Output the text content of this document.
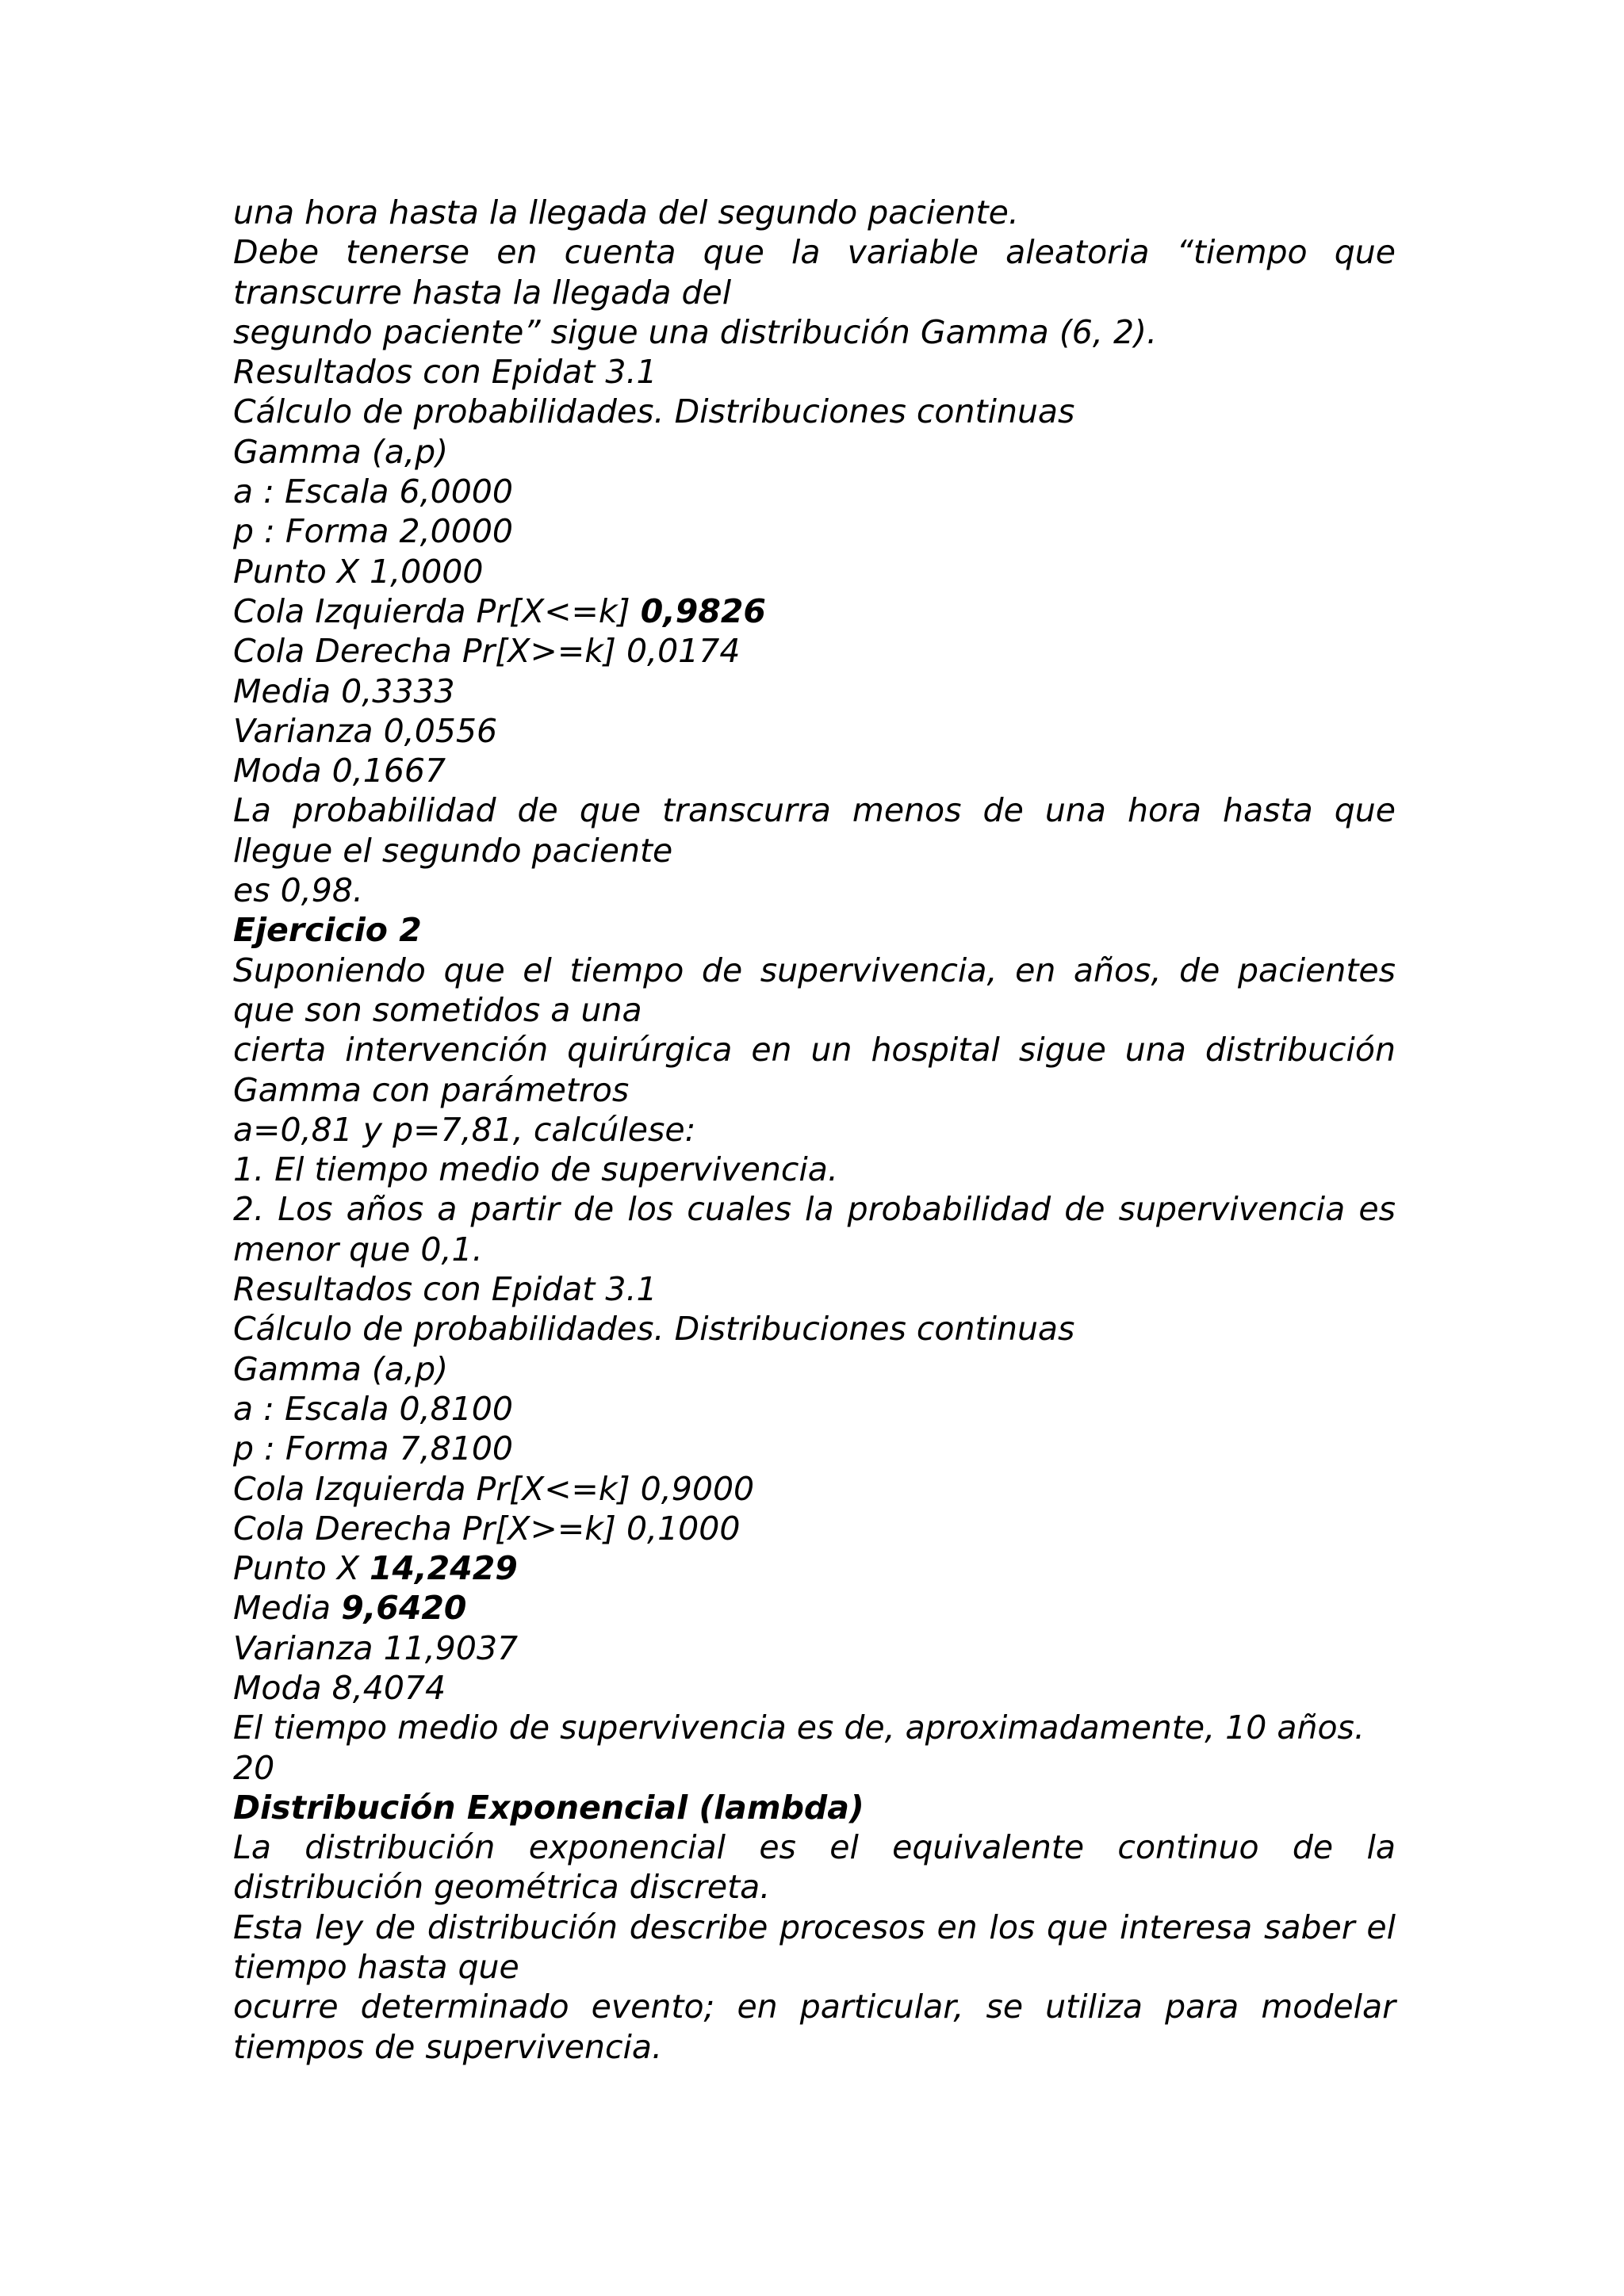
una hora hasta la llegada del segundo paciente.

Debe tenerse en cuenta que la variable aleatoria “tiempo que

transcurre hasta la llegada del

segundo paciente” sigue una distribución Gamma (6, 2).

Resultados con Epidat 3.1

Cálculo de probabilidades. Distribuciones continuas

Gamma (a,p)

a : Escala 6,0000

p : Forma 2,0000

Punto X 1,0000

Cola Izquierda Pr[X<=k] 0,9826

Cola Derecha Pr[X>=k] 0,0174

Media 0,3333

Varianza 0,0556

Moda 0,1667

La probabilidad de que transcurra menos de una hora hasta que

llegue el segundo paciente

es 0,98.

Ejercicio 2

Suponiendo que el tiempo de supervivencia, en años, de pacientes

que son sometidos a una

cierta intervención quirúrgica en un hospital sigue una distribución

Gamma con parámetros

a=0,81 y p=7,81, calcúlese:

1. El tiempo medio de supervivencia.

2. Los años a partir de los cuales la probabilidad de supervivencia es

menor que 0,1.

Resultados con Epidat 3.1

Cálculo de probabilidades. Distribuciones continuas

Gamma (a,p)

a : Escala 0,8100

p : Forma 7,8100

Cola Izquierda Pr[X<=k] 0,9000

Cola Derecha Pr[X>=k] 0,1000

Punto X 14,2429

Media 9,6420

Varianza 11,9037

Moda 8,4074

El tiempo medio de supervivencia es de, aproximadamente, 10 años.

20

Distribución Exponencial (lambda)

La distribución exponencial es el equivalente continuo de la

distribución geométrica discreta.

Esta ley de distribución describe procesos en los que interesa saber el

tiempo hasta que

ocurre determinado evento; en particular, se utiliza para modelar

tiempos de supervivencia.
